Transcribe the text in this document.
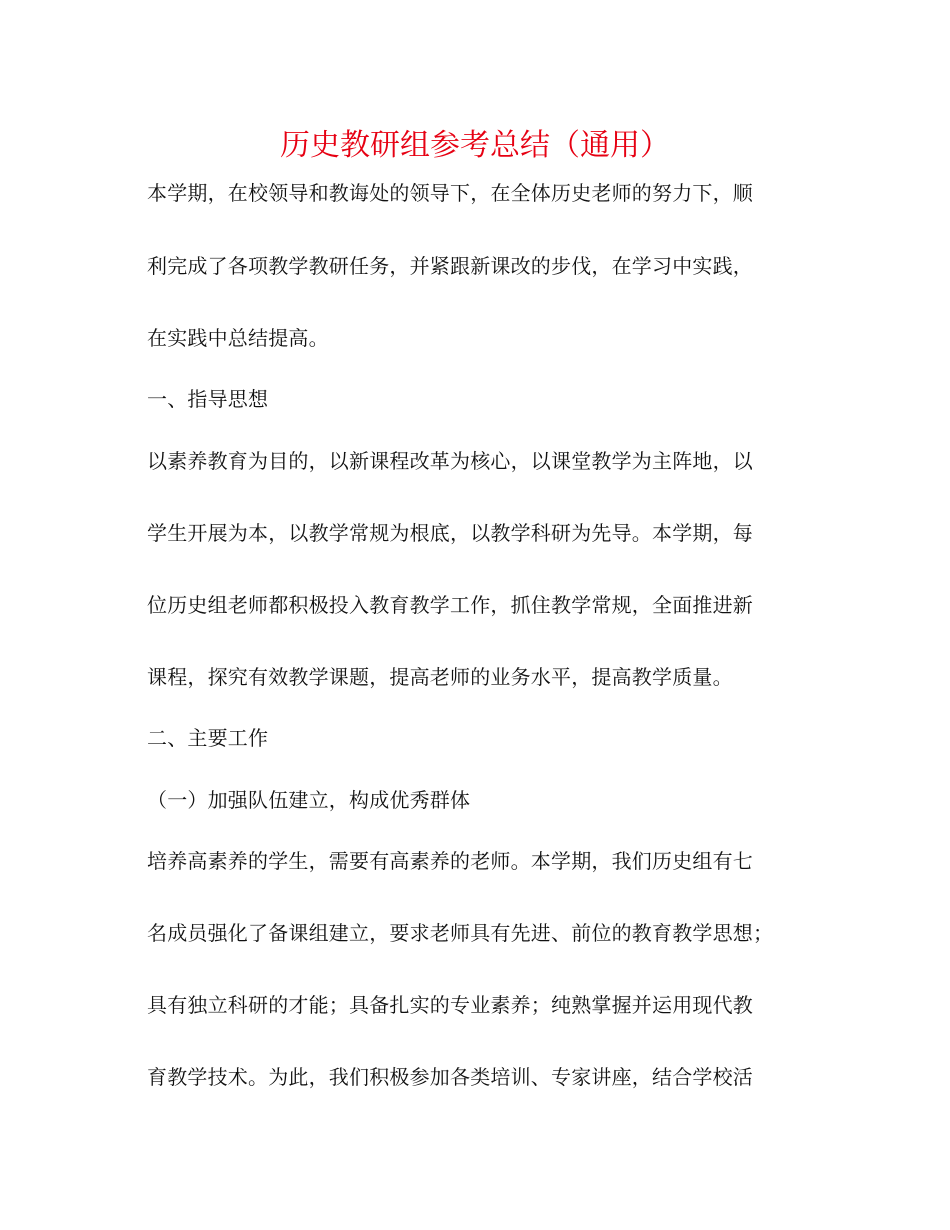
历史教研组参考总结（通用）
本学期，在校领导和教诲处的领导下，在全体历史老师的努力下，顺
利完成了各项教学教研任务，并紧跟新课改的步伐，在学习中实践，
在实践中总结提高。
一、指导思想
以素养教育为目的，以新课程改革为核心，以课堂教学为主阵地，以
学生开展为本，以教学常规为根底，以教学科研为先导。本学期，每
位历史组老师都积极投入教育教学工作，抓住教学常规，全面推进新
课程，探究有效教学课题，提高老师的业务水平，提高教学质量。
二、主要工作
（一）加强队伍建立，构成优秀群体
培养高素养的学生，需要有高素养的老师。本学期，我们历史组有七
名成员强化了备课组建立，要求老师具有先进、前位的教育教学思想；
具有独立科研的才能；具备扎实的专业素养；纯熟掌握并运用现代教
育教学技术。为此，我们积极参加各类培训、专家讲座，结合学校活
